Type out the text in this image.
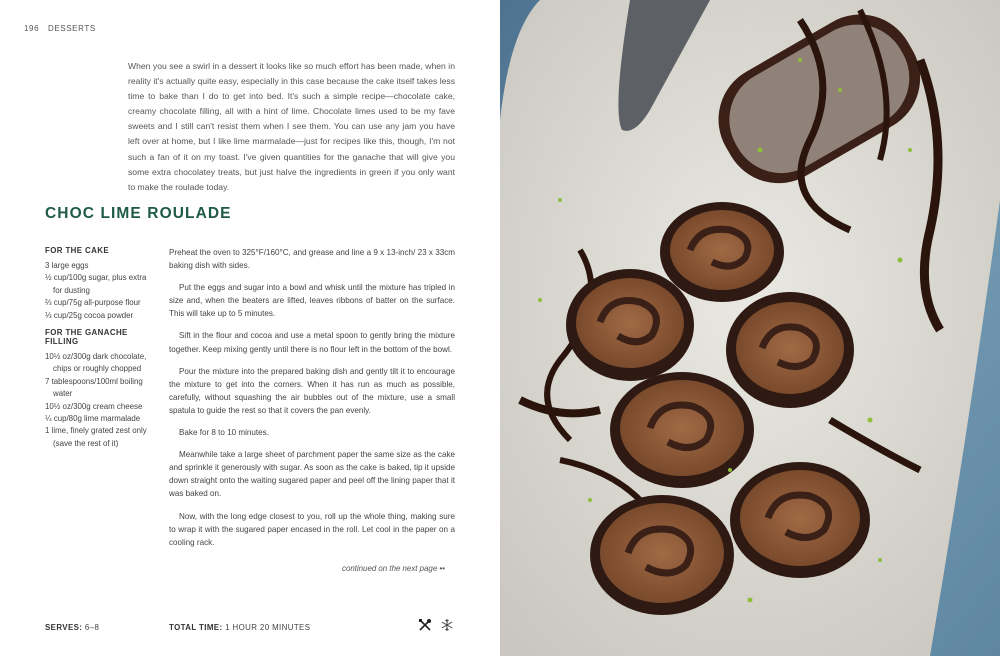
196 DESSERTS

When you see a swirl in a dessert it looks like so much effort has been made, when in reality it's actually quite easy, especially in this case because the cake itself takes less time to bake than I do to get into bed. It's such a simple recipe—chocolate cake, creamy chocolate filling, all with a hint of lime. Chocolate limes used to be my fave sweets and I still can't resist them when I see them. You can use any jam you have left over at home, but I like lime marmalade—just for recipes like this, though, I'm not such a fan of it on my toast. I've given quantities for the ganache that will give you some extra chocolatey treats, but just halve the ingredients in green if you only want to make the roulade today.

CHOC LIME ROULADE
FOR THE CAKE
3 large eggs
½ cup/100g sugar, plus extra for dusting
⅔ cup/75g all-purpose flour
⅓ cup/25g cocoa powder
FOR THE GANACHE FILLING
10½ oz/300g dark chocolate, chips or roughly chopped
7 tablespoons/100ml boiling water
10½ oz/300g cream cheese
¼ cup/80g lime marmalade
1 lime, finely grated zest only (save the rest of it)

Preheat the oven to 325°F/160°C, and grease and line a 9 x 13-inch/ 23 x 33cm baking dish with sides.

Put the eggs and sugar into a bowl and whisk until the mixture has tripled in size and, when the beaters are lifted, leaves ribbons of batter on the surface. This will take up to 5 minutes.

Sift in the flour and cocoa and use a metal spoon to gently bring the mixture together. Keep mixing gently until there is no flour left in the bottom of the bowl.

Pour the mixture into the prepared baking dish and gently tilt it to encourage the mixture to get into the corners. When it has run as much as possible, carefully, without squashing the air bubbles out of the mixture, use a small spatula to guide the rest so that it covers the pan evenly.

Bake for 8 to 10 minutes.

Meanwhile take a large sheet of parchment paper the same size as the cake and sprinkle it generously with sugar. As soon as the cake is baked, tip it upside down straight onto the waiting sugared paper and peel off the lining paper that it was baked on.

Now, with the long edge closest to you, roll up the whole thing, making sure to wrap it with the sugared paper encased in the roll. Let cool in the paper on a cooling rack.

continued on the next page ••
SERVES: 6–8	TOTAL TIME: 1 HOUR 20 MINUTES
